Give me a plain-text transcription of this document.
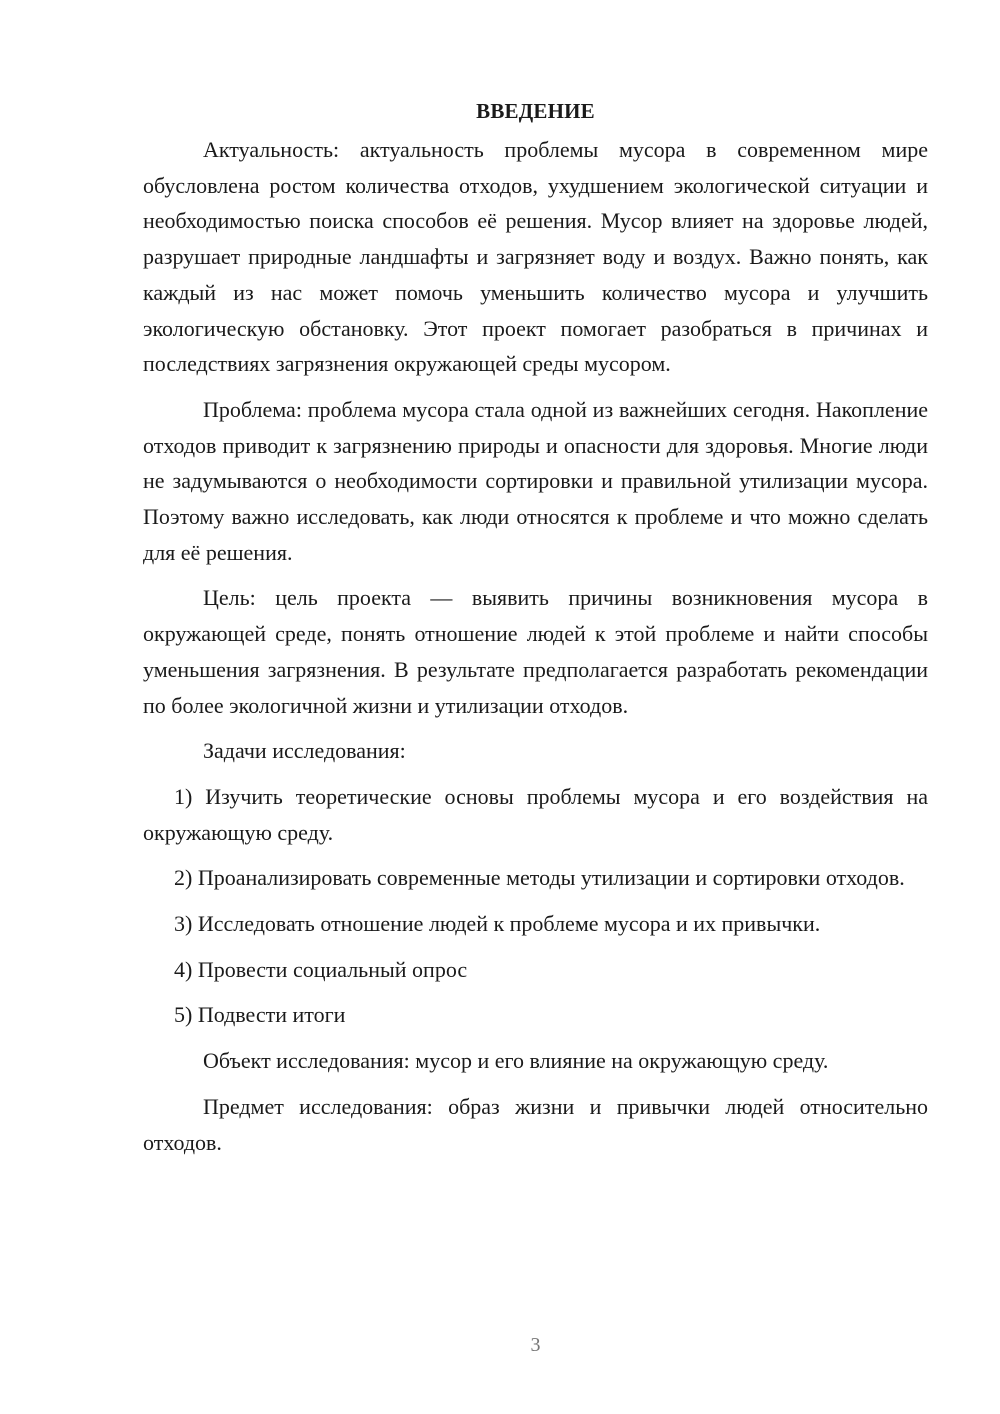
ВВЕДЕНИЕ

Актуальность: актуальность проблемы мусора в современном мире обусловлена ростом количества отходов, ухудшением экологической ситуации и необходимостью поиска способов её решения. Мусор влияет на здоровье людей, разрушает природные ландшафты и загрязняет воду и воздух. Важно понять, как каждый из нас может помочь уменьшить количество мусора и улучшить экологическую обстановку. Этот проект помогает разобраться в причинах и последствиях загрязнения окружающей среды мусором.

Проблема: проблема мусора стала одной из важнейших сегодня. Накопление отходов приводит к загрязнению природы и опасности для здоровья. Многие люди не задумываются о необходимости сортировки и правильной утилизации мусора. Поэтому важно исследовать, как люди относятся к проблеме и что можно сделать для её решения.

Цель: цель проекта — выявить причины возникновения мусора в окружающей среде, понять отношение людей к этой проблеме и найти способы уменьшения загрязнения. В результате предполагается разработать рекомендации по более экологичной жизни и утилизации отходов.

Задачи исследования:

1) Изучить теоретические основы проблемы мусора и его воздействия на окружающую среду.

2) Проанализировать современные методы утилизации и сортировки отходов.

3) Исследовать отношение людей к проблеме мусора и их привычки.

4) Провести социальный опрос

5) Подвести итоги

Объект исследования: мусор и его влияние на окружающую среду.

Предмет исследования: образ жизни и привычки людей относительно отходов.

3
